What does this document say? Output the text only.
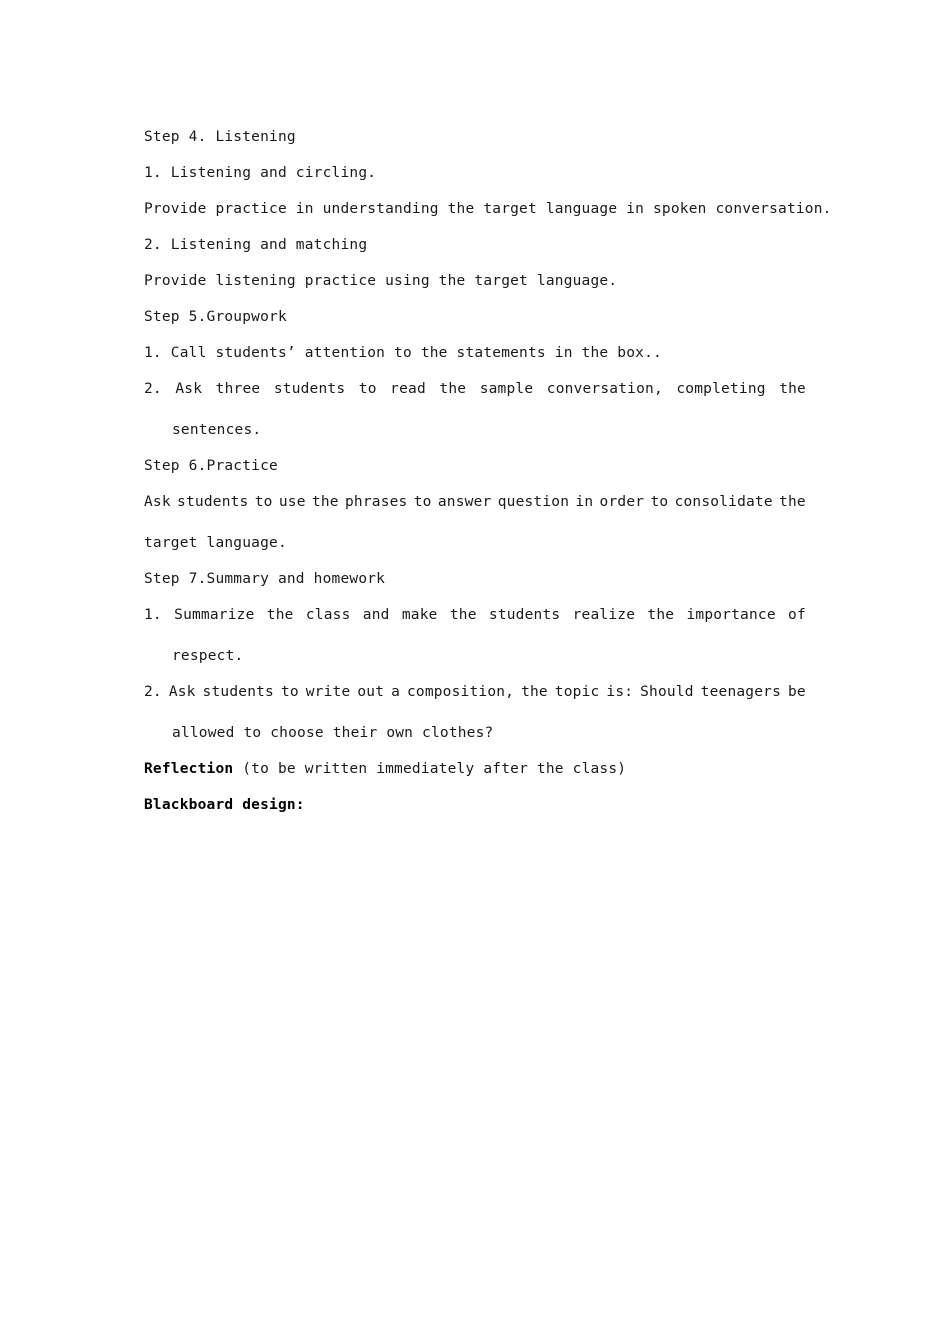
Step 4. Listening
1. Listening and circling.
Provide practice in understanding the target language in spoken conversation.
2. Listening and matching
Provide listening practice using the target language.
Step 5.Groupwork
1. Call students’ attention to the statements in the box..
2. Ask three students to read the sample conversation, completing the
sentences.
Step 6.Practice
Ask students to use the phrases to answer question in order to consolidate the
target language.
Step 7.Summary and homework
1. Summarize the class and make the students realize the importance of
respect.
2. Ask students to write out a composition, the topic is: Should teenagers be
allowed to choose their own clothes?
Reflection (to be written immediately after the class)
Blackboard design:
